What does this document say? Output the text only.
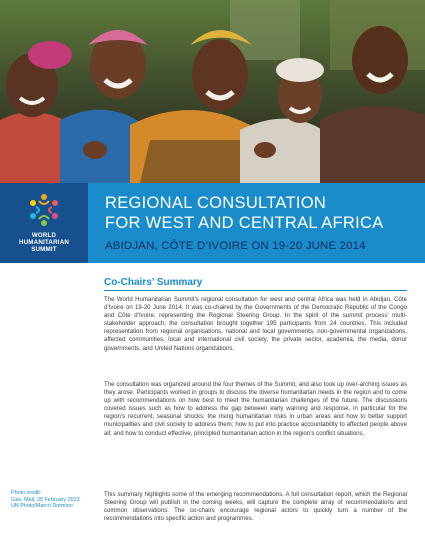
WORLD
HUMANITARIAN
SUMMIT
REGIONAL CONSULTATION
FOR WEST AND CENTRAL AFRICA
ABIDJAN, CÔTE D’IVOIRE ON 19-20 JUNE 2014
Co-Chairs’ Summary

The World Humanitarian Summit’s regional consultation for west and central Africa was held in Abidjan, Côte d’Ivoire on 19-20 June 2014. It was co-chaired by the Governments of the Democratic Republic of the Congo and Côte d’Ivoire, representing the Regional Steering Group. In the spirit of the summit process’ multi-stakeholder approach, the consultation brought together 195 participants from 24 countries. This included representation from regional organisations, national and local governments, non-governmental organizations, affected communities, local and international civil society, the private sector, academia, the media, donor governments, and United Nations organizations.

The consultation was organized around the four themes of the Summit, and also took up over-arching issues as they arose. Participants worked in groups to discuss the diverse humanitarian needs in the region and to come up with recommendations on how best to meet the humanitarian challenges of the future. The discussions covered issues such as how to address the gap between early warning and response, in particular for the region’s recurrent, seasonal shocks; the rising humanitarian risks in urban areas and how to better support municipalities and civil society to address them; how to put into practice accountability to affected people above all; and how to conduct effective, principled humanitarian action in the region’s conflict situations.

This summary highlights some of the emerging recommendations. A full consultation report, which the Regional Steering Group will publish in the coming weeks, will capture the complete array of recommendations and common observations. The co-chairs encourage regional actors to quickly turn a number of the recommendations into specific action and programmes.

Photo credit:
Gao, Mali, 25 February 2013
UN Photo/Marco Dormino
